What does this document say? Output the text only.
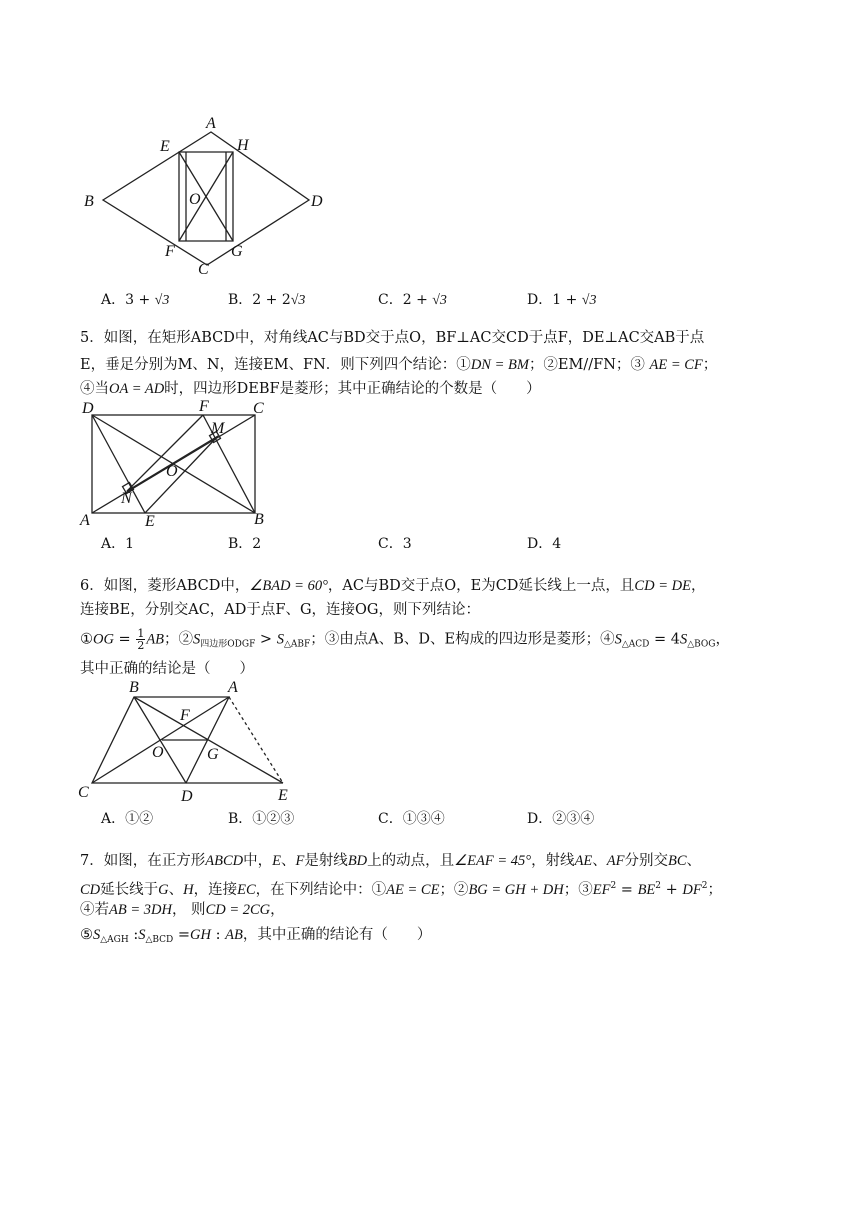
A
E	H
B	O	D
F	G
C
A．3 + √3	B．2 + 2√3	C．2 + √3	D．1 + √3
5．如图，在矩形ABCD中，对角线AC与BD交于点O，BF⊥AC交CD于点F，DE⊥AC交AB于点
E，垂足分别为M、N，连接EM、FN．则下列四个结论：①DN = BM；②EM//FN；③ AE = CF；
④当OA = AD时，四边形DEBF是菱形；其中正确结论的个数是（　　）
D	F	C
M
O
N
A	E	B
A．1	B．2	C．3	D．4
6．如图，菱形ABCD中，∠BAD = 60°，AC与BD交于点O，E为CD延长线上一点，且CD = DE，
连接BE，分别交AC，AD于点F、G，连接OG，则下列结论：
①OG = $\frac{1}{2}$ AB；$②S_{四边形ODGF} > S_{\triangle ABF}$；③由点A、B、D、E构成的四边形是菱形；$④S_{\triangle ACD} = 4S_{\triangle BOG}$，
其中正确的结论是（　　）
B	A
F
O	G
C	D	E
A．①②	B．①②③	C．①③④	D．②③④
7．如图，在正方形ABCD中，E、F是射线BD上的动点，且∠EAF = 45°，射线AE、AF分别交BC、
CD延长线于G、H，连接EC，在下列结论中：①AE = CE；②BG = GH + DH；$③EF^2 = BE^2 + DF^2$；
④若AB = 3DH， 则CD = 2CG，
$⑤S_{\triangle AGH}$ $:S_{\triangle BCD} =GH$ : AB，其中正确的结论有（　　）
